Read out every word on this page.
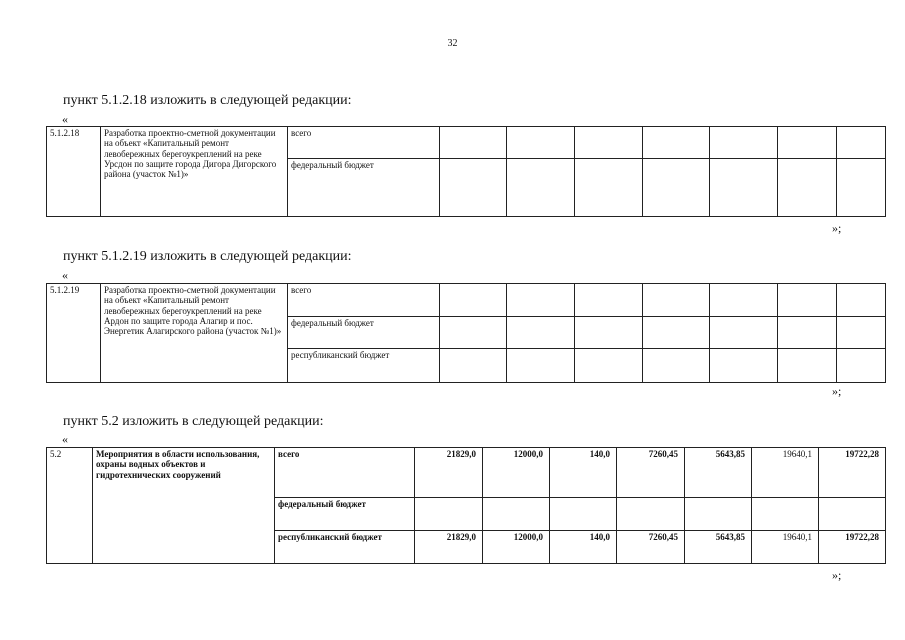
32
пункт 5.1.2.18 изложить в следующей редакции:
«
5.1.2.18	Разработка проектно-сметной документации на объект «Капитальный ремонт левобережных берегоукреплений на реке Урсдон по защите города Дигора Дигорского района (участок №1)»	всего							
		федеральный бюджет							
»;
пункт 5.1.2.19 изложить в следующей редакции:
«
5.1.2.19	Разработка проектно-сметной документации на объект «Капитальный ремонт левобережных берегоукреплений на реке Ардон по защите города Алагир и пос. Энергетик Алагирского района (участок №1)»	всего							
		федеральный бюджет							
		республиканский бюджет							
»;
пункт 5.2 изложить в следующей редакции:
«
5.2	Мероприятия в области использования, охраны водных объектов и гидротехнических сооружений	всего	21829,0	12000,0	140,0	7260,45	5643,85	19640,1	19722,28
		федеральный бюджет							
		республиканский бюджет	21829,0	12000,0	140,0	7260,45	5643,85	19640,1	19722,28
»;
